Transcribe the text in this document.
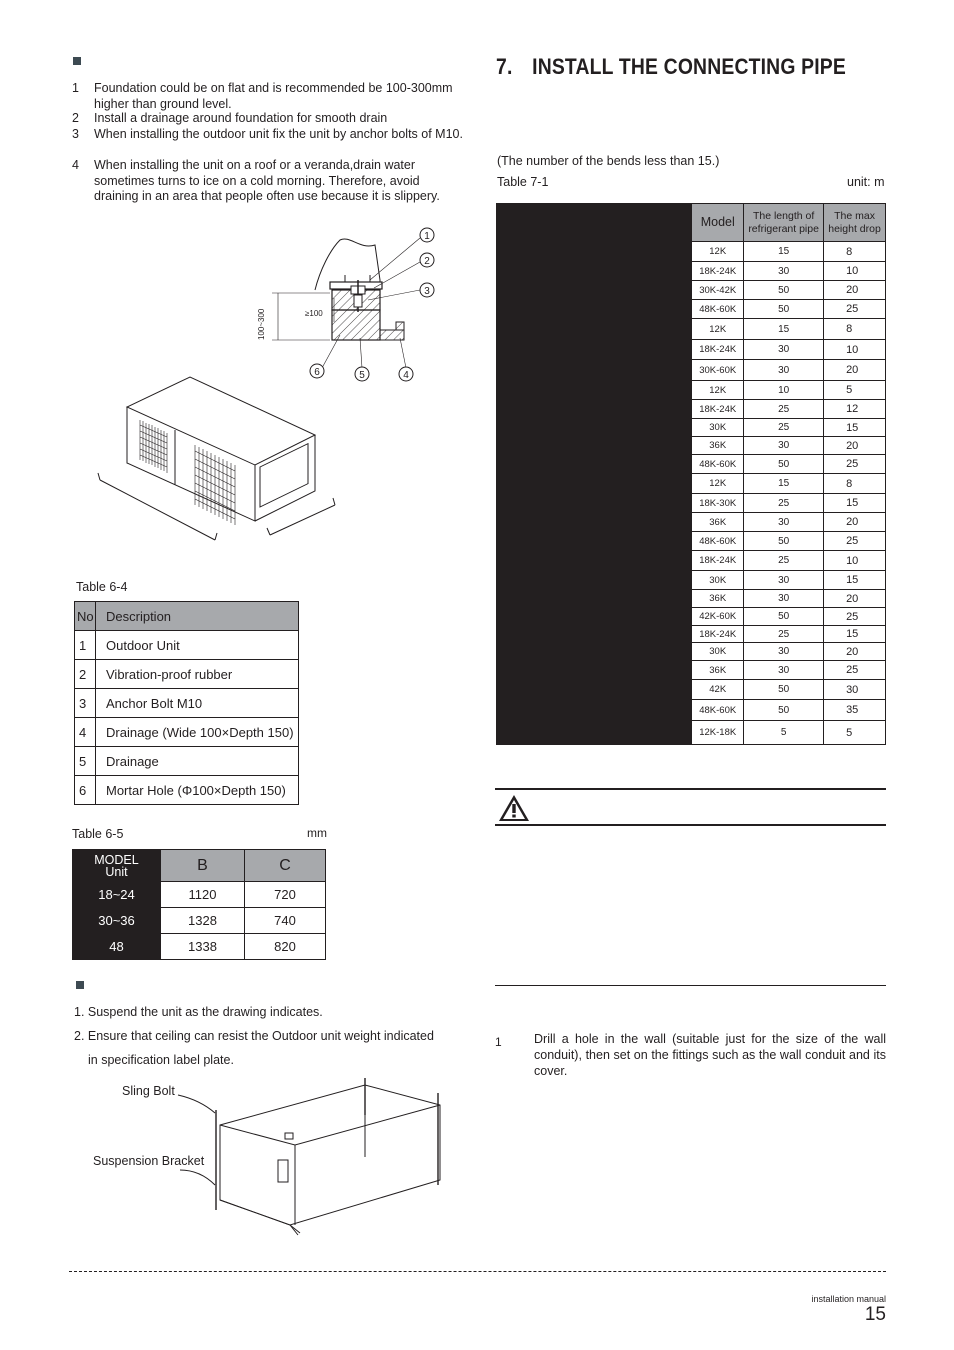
1 Foundation could be on flat and is recommended be 100-300mm higher than ground level.
2 Install a drainage around foundation for smooth drain
3 When installing the outdoor unit fix the unit by anchor bolts of M10.
4 When installing the unit on a roof or a veranda,drain water sometimes turns to ice on a cold morning. Therefore, avoid draining in an area that people often use because it is slippery.
100~300	≥100
1
2
3
4
5
6
Table 6-4
No	Description
1	Outdoor Unit
2	Vibration-proof rubber
3	Anchor Bolt M10
4	Drainage (Wide 100×Depth 150)
5	Drainage
6	Mortar Hole (Φ100×Depth 150)
Table 6-5	mm
MODEL
Unit	B	C
18~24	1120	720
30~36	1328	740
48	1338	820
1. Suspend the unit as the drawing indicates.
2. Ensure that ceiling can resist the Outdoor unit weight indicated
in specification label plate.
Sling Bolt
Suspension Bracket
7. INSTALL THE CONNECTING PIPE
(The number of the bends less than 15.)
Table 7-1	unit: m
	Model	The length of refrigerant pipe	The max height drop
	12K	15	8
	18K-24K	30	10
	30K-42K	50	20
	48K-60K	50	25
	12K	15	8
	18K-24K	30	10
	30K-60K	30	20
	12K	10	5
	18K-24K	25	12
	30K	25	15
	36K	30	20
	48K-60K	50	25
	12K	15	8
	18K-30K	25	15
	36K	30	20
	48K-60K	50	25
	18K-24K	25	10
	30K	30	15
	36K	30	20
	42K-60K	50	25
	18K-24K	25	15
	30K	30	20
	36K	30	25
	42K	50	30
	48K-60K	50	35
	12K-18K	5	5
1	Drill a hole in the wall (suitable just for the size of the wall conduit), then set on the fittings such as the wall conduit and its cover.
installation manual
15
